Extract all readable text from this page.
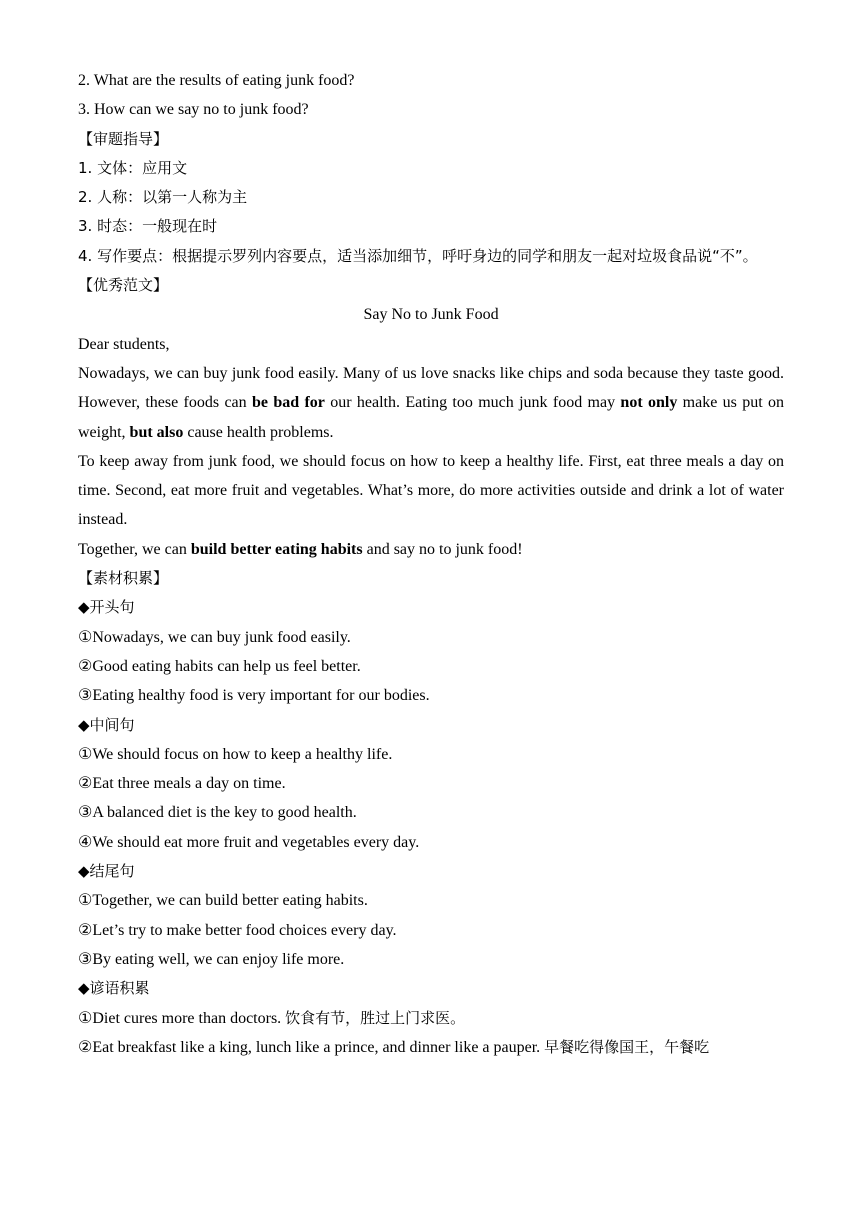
2. What are the results of eating junk food?
3. How can we say no to junk food?
【审题指导】
1. 文体：应用文
2. 人称：以第一人称为主
3. 时态：一般现在时
4. 写作要点：根据提示罗列内容要点，适当添加细节，呼吁身边的同学和朋友一起对垃圾食品说“不”。
【优秀范文】
Say No to Junk Food
Dear students,
Nowadays, we can buy junk food easily. Many of us love snacks like chips and soda because they taste good. However, these foods can be bad for our health. Eating too much junk food may not only make us put on weight, but also cause health problems.
To keep away from junk food, we should focus on how to keep a healthy life. First, eat three meals a day on time. Second, eat more fruit and vegetables. What’s more, do more activities outside and drink a lot of water instead.
Together, we can build better eating habits and say no to junk food!
【素材积累】
◆开头句
①Nowadays, we can buy junk food easily.
②Good eating habits can help us feel better.
③Eating healthy food is very important for our bodies.
◆中间句
①We should focus on how to keep a healthy life.
②Eat three meals a day on time.
③A balanced diet is the key to good health.
④We should eat more fruit and vegetables every day.
◆结尾句
①Together, we can build better eating habits.
②Let’s try to make better food choices every day.
③By eating well, we can enjoy life more.
◆谚语积累
①Diet cures more than doctors. 饮食有节，胜过上门求医。
②Eat breakfast like a king, lunch like a prince, and dinner like a pauper. 早餐吃得像国王，午餐吃
